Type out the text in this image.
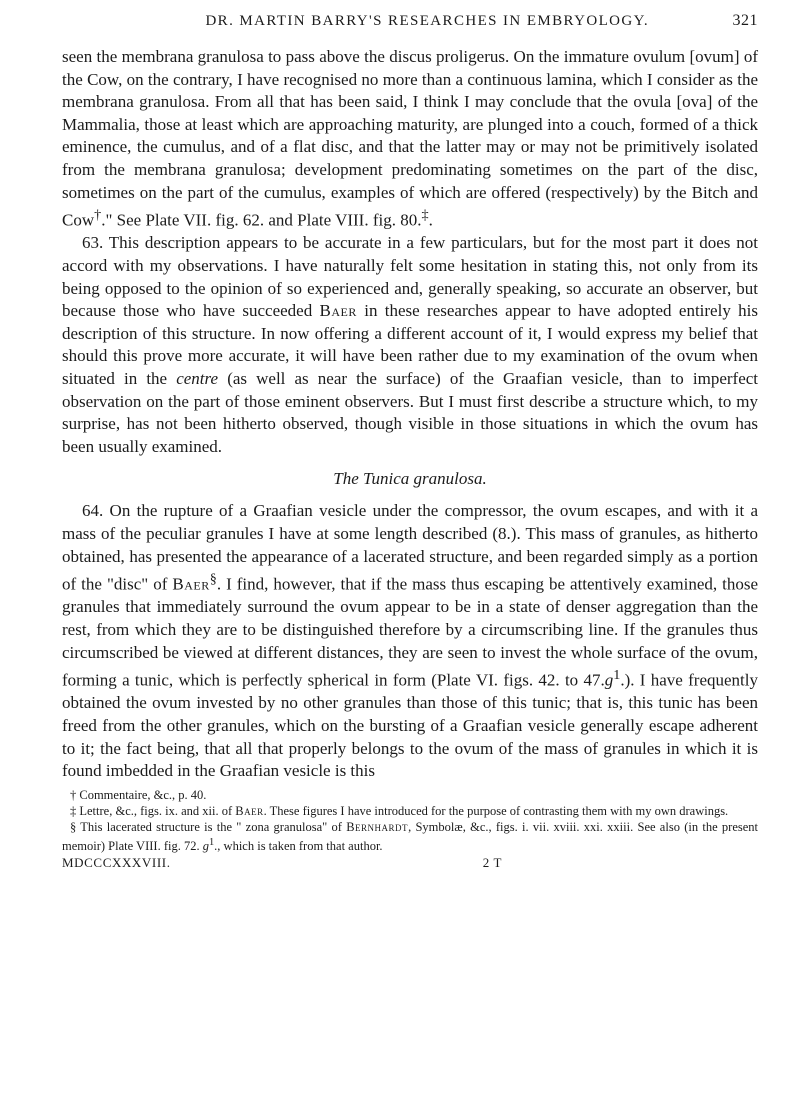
DR. MARTIN BARRY'S RESEARCHES IN EMBRYOLOGY.	321

seen the membrana granulosa to pass above the discus proligerus. On the immature ovulum [ovum] of the Cow, on the contrary, I have recognised no more than a continuous lamina, which I consider as the membrana granulosa. From all that has been said, I think I may conclude that the ovula [ova] of the Mammalia, those at least which are approaching maturity, are plunged into a couch, formed of a thick eminence, the cumulus, and of a flat disc, and that the latter may or may not be primitively isolated from the membrana granulosa; development predominating sometimes on the part of the disc, sometimes on the part of the cumulus, examples of which are offered (respectively) by the Bitch and Cow†." See Plate VII. fig. 62. and Plate VIII. fig. 80.‡.

63. This description appears to be accurate in a few particulars, but for the most part it does not accord with my observations. I have naturally felt some hesitation in stating this, not only from its being opposed to the opinion of so experienced and, generally speaking, so accurate an observer, but because those who have succeeded Baer in these researches appear to have adopted entirely his description of this structure. In now offering a different account of it, I would express my belief that should this prove more accurate, it will have been rather due to my examination of the ovum when situated in the centre (as well as near the surface) of the Graafian vesicle, than to imperfect observation on the part of those eminent observers. But I must first describe a structure which, to my surprise, has not been hitherto observed, though visible in those situations in which the ovum has been usually examined.

The Tunica granulosa.

64. On the rupture of a Graafian vesicle under the compressor, the ovum escapes, and with it a mass of the peculiar granules I have at some length described (8.). This mass of granules, as hitherto obtained, has presented the appearance of a lacerated structure, and been regarded simply as a portion of the "disc" of Baer§. I find, however, that if the mass thus escaping be attentively examined, those granules that immediately surround the ovum appear to be in a state of denser aggregation than the rest, from which they are to be distinguished therefore by a circumscribing line. If the granules thus circumscribed be viewed at different distances, they are seen to invest the whole surface of the ovum, forming a tunic, which is perfectly spherical in form (Plate VI. figs. 42. to $47.g^1$.). I have frequently obtained the ovum invested by no other granules than those of this tunic; that is, this tunic has been freed from the other granules, which on the bursting of a Graafian vesicle generally escape adherent to it; the fact being, that all that properly belongs to the ovum of the mass of granules in which it is found imbedded in the Graafian vesicle is this

† Commentaire, &c., p. 40.

‡ Lettre, &c., figs. ix. and xii. of Baer. These figures I have introduced for the purpose of contrasting them with my own drawings.

§ This lacerated structure is the " zona granulosa" of Bernhardt, Symbolæ, &c., figs. i. vii. xviii. xxi. xxiii. See also (in the present memoir) Plate VIII. fig. 72. $g^1$., which is taken from that author.

MDCCCXXXVIII.	2 T
